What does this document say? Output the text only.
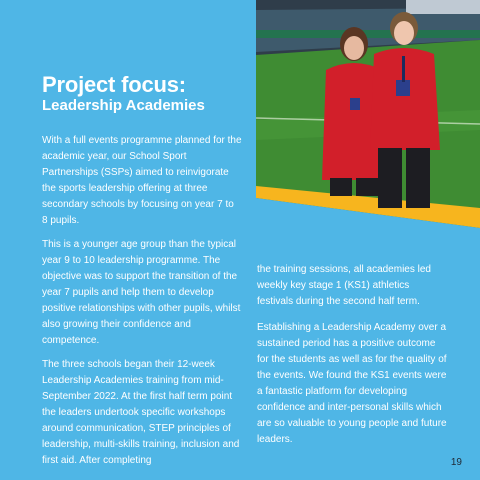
Project focus:
Leadership Academies

With a full events programme planned for the academic year, our School Sport Partnerships (SSPs) aimed to reinvigorate the sports leadership offering at three secondary schools by focusing on year 7 to 8 pupils.

This is a younger age group than the typical year 9 to 10 leadership programme. The objective was to support the transition of the year 7 pupils and help them to develop positive relationships with other pupils, whilst also growing their confidence and competence.

The three schools began their 12-week Leadership Academies training from mid-September 2022. At the first half term point the leaders undertook specific workshops around communication, STEP principles of leadership, multi-skills training, inclusion and first aid. After completing

the training sessions, all academies led weekly key stage 1 (KS1) athletics festivals during the second half term.

Establishing a Leadership Academy over a sustained period has a positive outcome for the students as well as for the quality of the events. We found the KS1 events were a fantastic platform for developing confidence and inter-personal skills which are so valuable to young people and future leaders.

19
